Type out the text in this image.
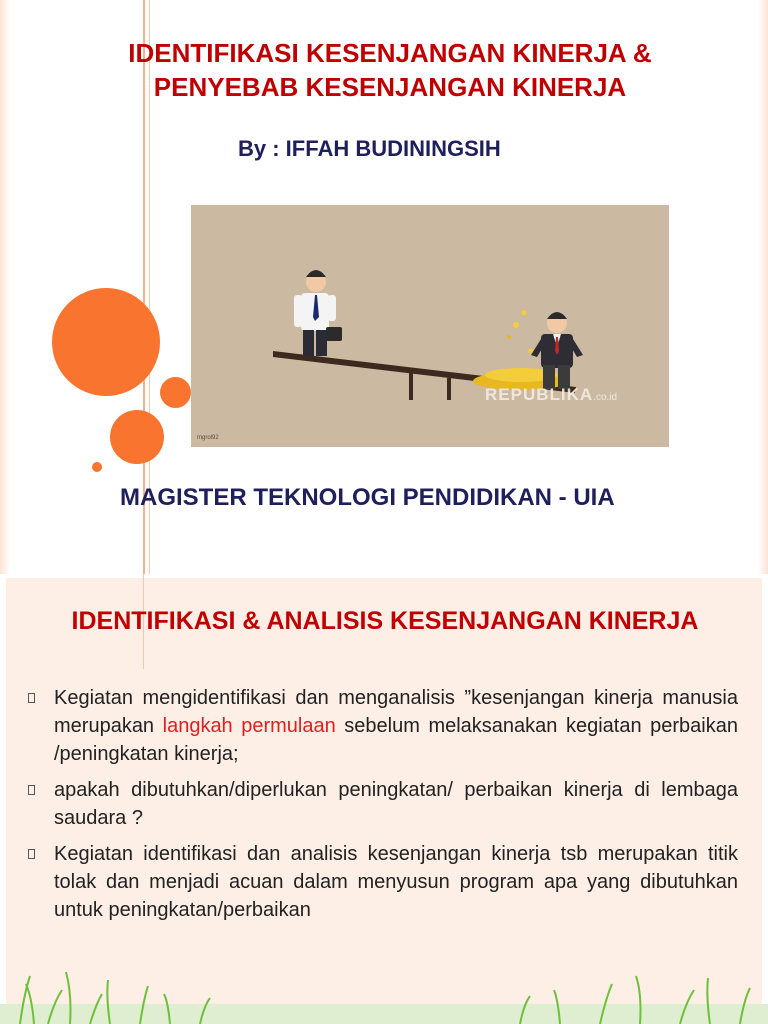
IDENTIFIKASI KESENJANGAN KINERJA &
PENYEBAB KESENJANGAN KINERJA
By : IFFAH BUDININGSIH
REPUBLIKA.co.id
mgrol92
MAGISTER TEKNOLOGI PENDIDIKAN - UIA
IDENTIFIKASI & ANALISIS KESENJANGAN KINERJA
Kegiatan mengidentifikasi dan menganalisis ”kesenjangan kinerja manusia merupakan langkah permulaan sebelum melaksanakan kegiatan perbaikan /peningkatan kinerja;
apakah dibutuhkan/diperlukan peningkatan/ perbaikan kinerja di lembaga saudara ?
Kegiatan identifikasi dan analisis kesenjangan kinerja tsb merupakan titik tolak dan menjadi acuan dalam menyusun program apa yang dibutuhkan untuk peningkatan/perbaikan
